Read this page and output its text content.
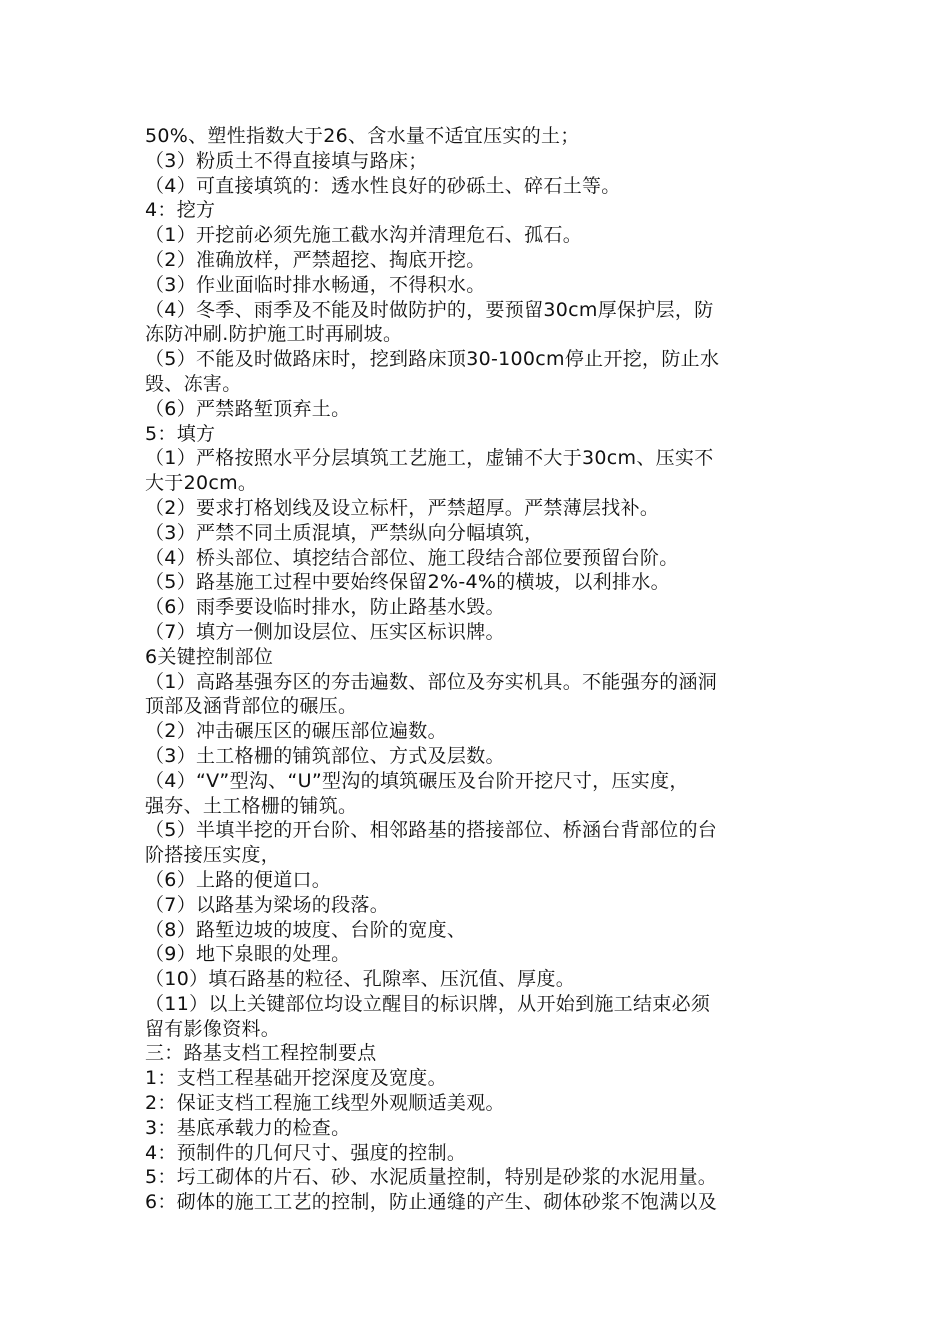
50%、塑性指数大于26、含水量不适宜压实的土；
（3）粉质土不得直接填与路床；
（4）可直接填筑的：透水性良好的砂砾土、碎石土等。
4：挖方
（1）开挖前必须先施工截水沟并清理危石、孤石。
（2）准确放样，严禁超挖、掏底开挖。
（3）作业面临时排水畅通，不得积水。
（4）冬季、雨季及不能及时做防护的，要预留30cm厚保护层，防
冻防冲刷.防护施工时再刷坡。
（5）不能及时做路床时，挖到路床顶30-100cm停止开挖，防止水
毁、冻害。
（6）严禁路堑顶弃土。
5：填方
（1）严格按照水平分层填筑工艺施工，虚铺不大于30cm、压实不
大于20cm。
（2）要求打格划线及设立标杆，严禁超厚。严禁薄层找补。
（3）严禁不同土质混填，严禁纵向分幅填筑，
（4）桥头部位、填挖结合部位、施工段结合部位要预留台阶。
（5）路基施工过程中要始终保留2%-4%的横坡，以利排水。
（6）雨季要设临时排水，防止路基水毁。
（7）填方一侧加设层位、压实区标识牌。
6关键控制部位
（1）高路基强夯区的夯击遍数、部位及夯实机具。不能强夯的涵洞
顶部及涵背部位的碾压。
（2）冲击碾压区的碾压部位遍数。
（3）土工格栅的铺筑部位、方式及层数。
（4）“V”型沟、“U”型沟的填筑碾压及台阶开挖尺寸，压实度，
强夯、土工格栅的铺筑。
（5）半填半挖的开台阶、相邻路基的搭接部位、桥涵台背部位的台
阶搭接压实度，
（6）上路的便道口。
（7）以路基为梁场的段落。
（8）路堑边坡的坡度、台阶的宽度、
（9）地下泉眼的处理。
（10）填石路基的粒径、孔隙率、压沉值、厚度。
（11）以上关键部位均设立醒目的标识牌，从开始到施工结束必须
留有影像资料。
三：路基支档工程控制要点
1：支档工程基础开挖深度及宽度。
2：保证支档工程施工线型外观顺适美观。
3：基底承载力的检查。
4：预制件的几何尺寸、强度的控制。
5：圬工砌体的片石、砂、水泥质量控制，特别是砂浆的水泥用量。
6：砌体的施工工艺的控制，防止通缝的产生、砌体砂浆不饱满以及
